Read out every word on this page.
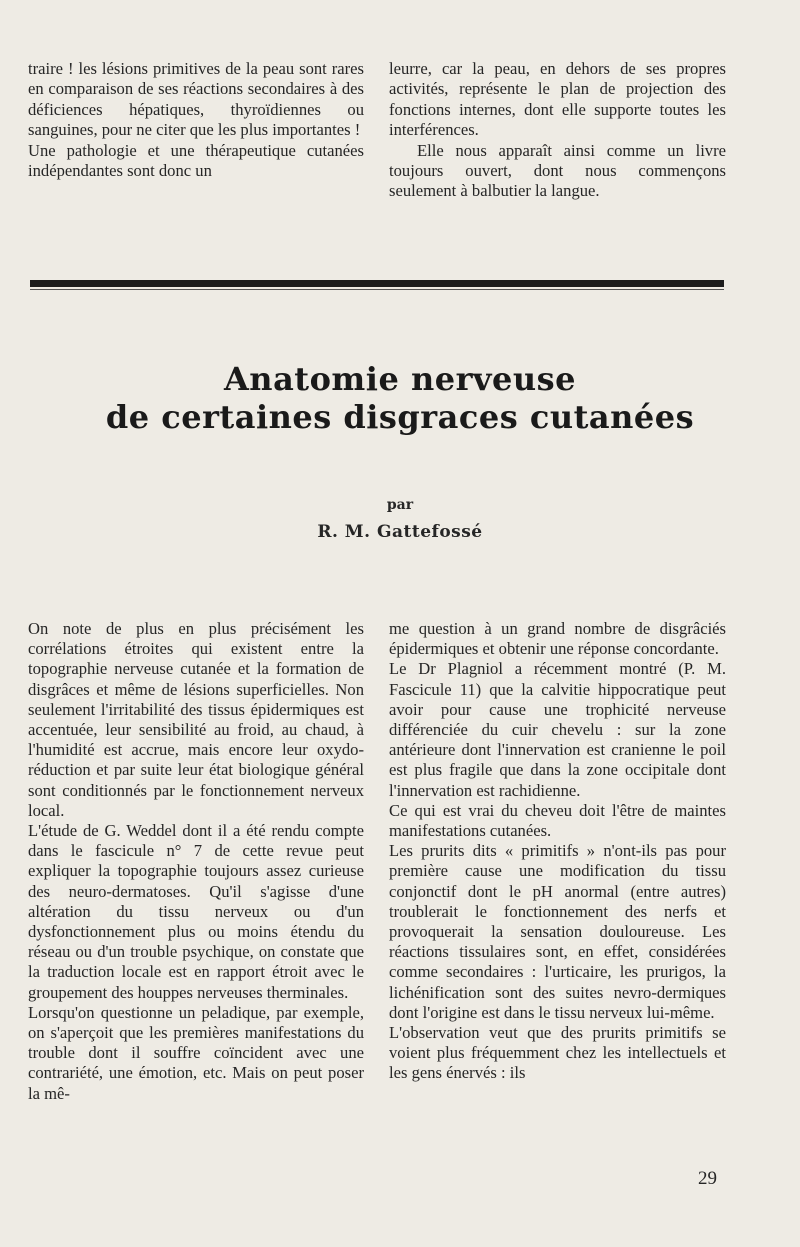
traire ! les lésions primitives de la peau sont rares en comparaison de ses réactions secondaires à des déficiences hépatiques, thyroïdiennes ou sanguines, pour ne citer que les plus importantes !

Une pathologie et une thérapeutique cutanées indépendantes sont donc un

leurre, car la peau, en dehors de ses propres activités, représente le plan de projection des fonctions internes, dont elle supporte toutes les interférences.

Elle nous apparaît ainsi comme un livre toujours ouvert, dont nous commençons seulement à balbutier la langue.

Anatomie nerveuse
de certaines disgraces cutanées
par
R. M. Gattefossé

On note de plus en plus précisément les corrélations étroites qui existent entre la topographie nerveuse cutanée et la formation de disgrâces et même de lésions superficielles. Non seulement l'irritabilité des tissus épidermiques est accentuée, leur sensibilité au froid, au chaud, à l'humidité est accrue, mais encore leur oxydo-réduction et par suite leur état biologique général sont conditionnés par le fonctionnement nerveux local.

L'étude de G. Weddel dont il a été rendu compte dans le fascicule n° 7 de cette revue peut expliquer la topographie toujours assez curieuse des neuro-dermatoses. Qu'il s'agisse d'une altération du tissu nerveux ou d'un dysfonctionnement plus ou moins étendu du réseau ou d'un trouble psychique, on constate que la traduction locale est en rapport étroit avec le groupement des houppes nerveuses therminales.

Lorsqu'on questionne un peladique, par exemple, on s'aperçoit que les premières manifestations du trouble dont il souffre coïncident avec une contrariété, une émotion, etc. Mais on peut poser la mê-

me question à un grand nombre de disgrâciés épidermiques et obtenir une réponse concordante.

Le Dr Plagniol a récemment montré (P. M. Fascicule 11) que la calvitie hippocratique peut avoir pour cause une trophicité nerveuse différenciée du cuir chevelu : sur la zone antérieure dont l'innervation est cranienne le poil est plus fragile que dans la zone occipitale dont l'innervation est rachidienne.

Ce qui est vrai du cheveu doit l'être de maintes manifestations cutanées.

Les prurits dits « primitifs » n'ont-ils pas pour première cause une modification du tissu conjonctif dont le pH anormal (entre autres) troublerait le fonctionnement des nerfs et provoquerait la sensation douloureuse. Les réactions tissulaires sont, en effet, considérées comme secondaires : l'urticaire, les prurigos, la lichénification sont des suites nevro-dermiques dont l'origine est dans le tissu nerveux lui-même.

L'observation veut que des prurits primitifs se voient plus fréquemment chez les intellectuels et les gens énervés : ils

29
